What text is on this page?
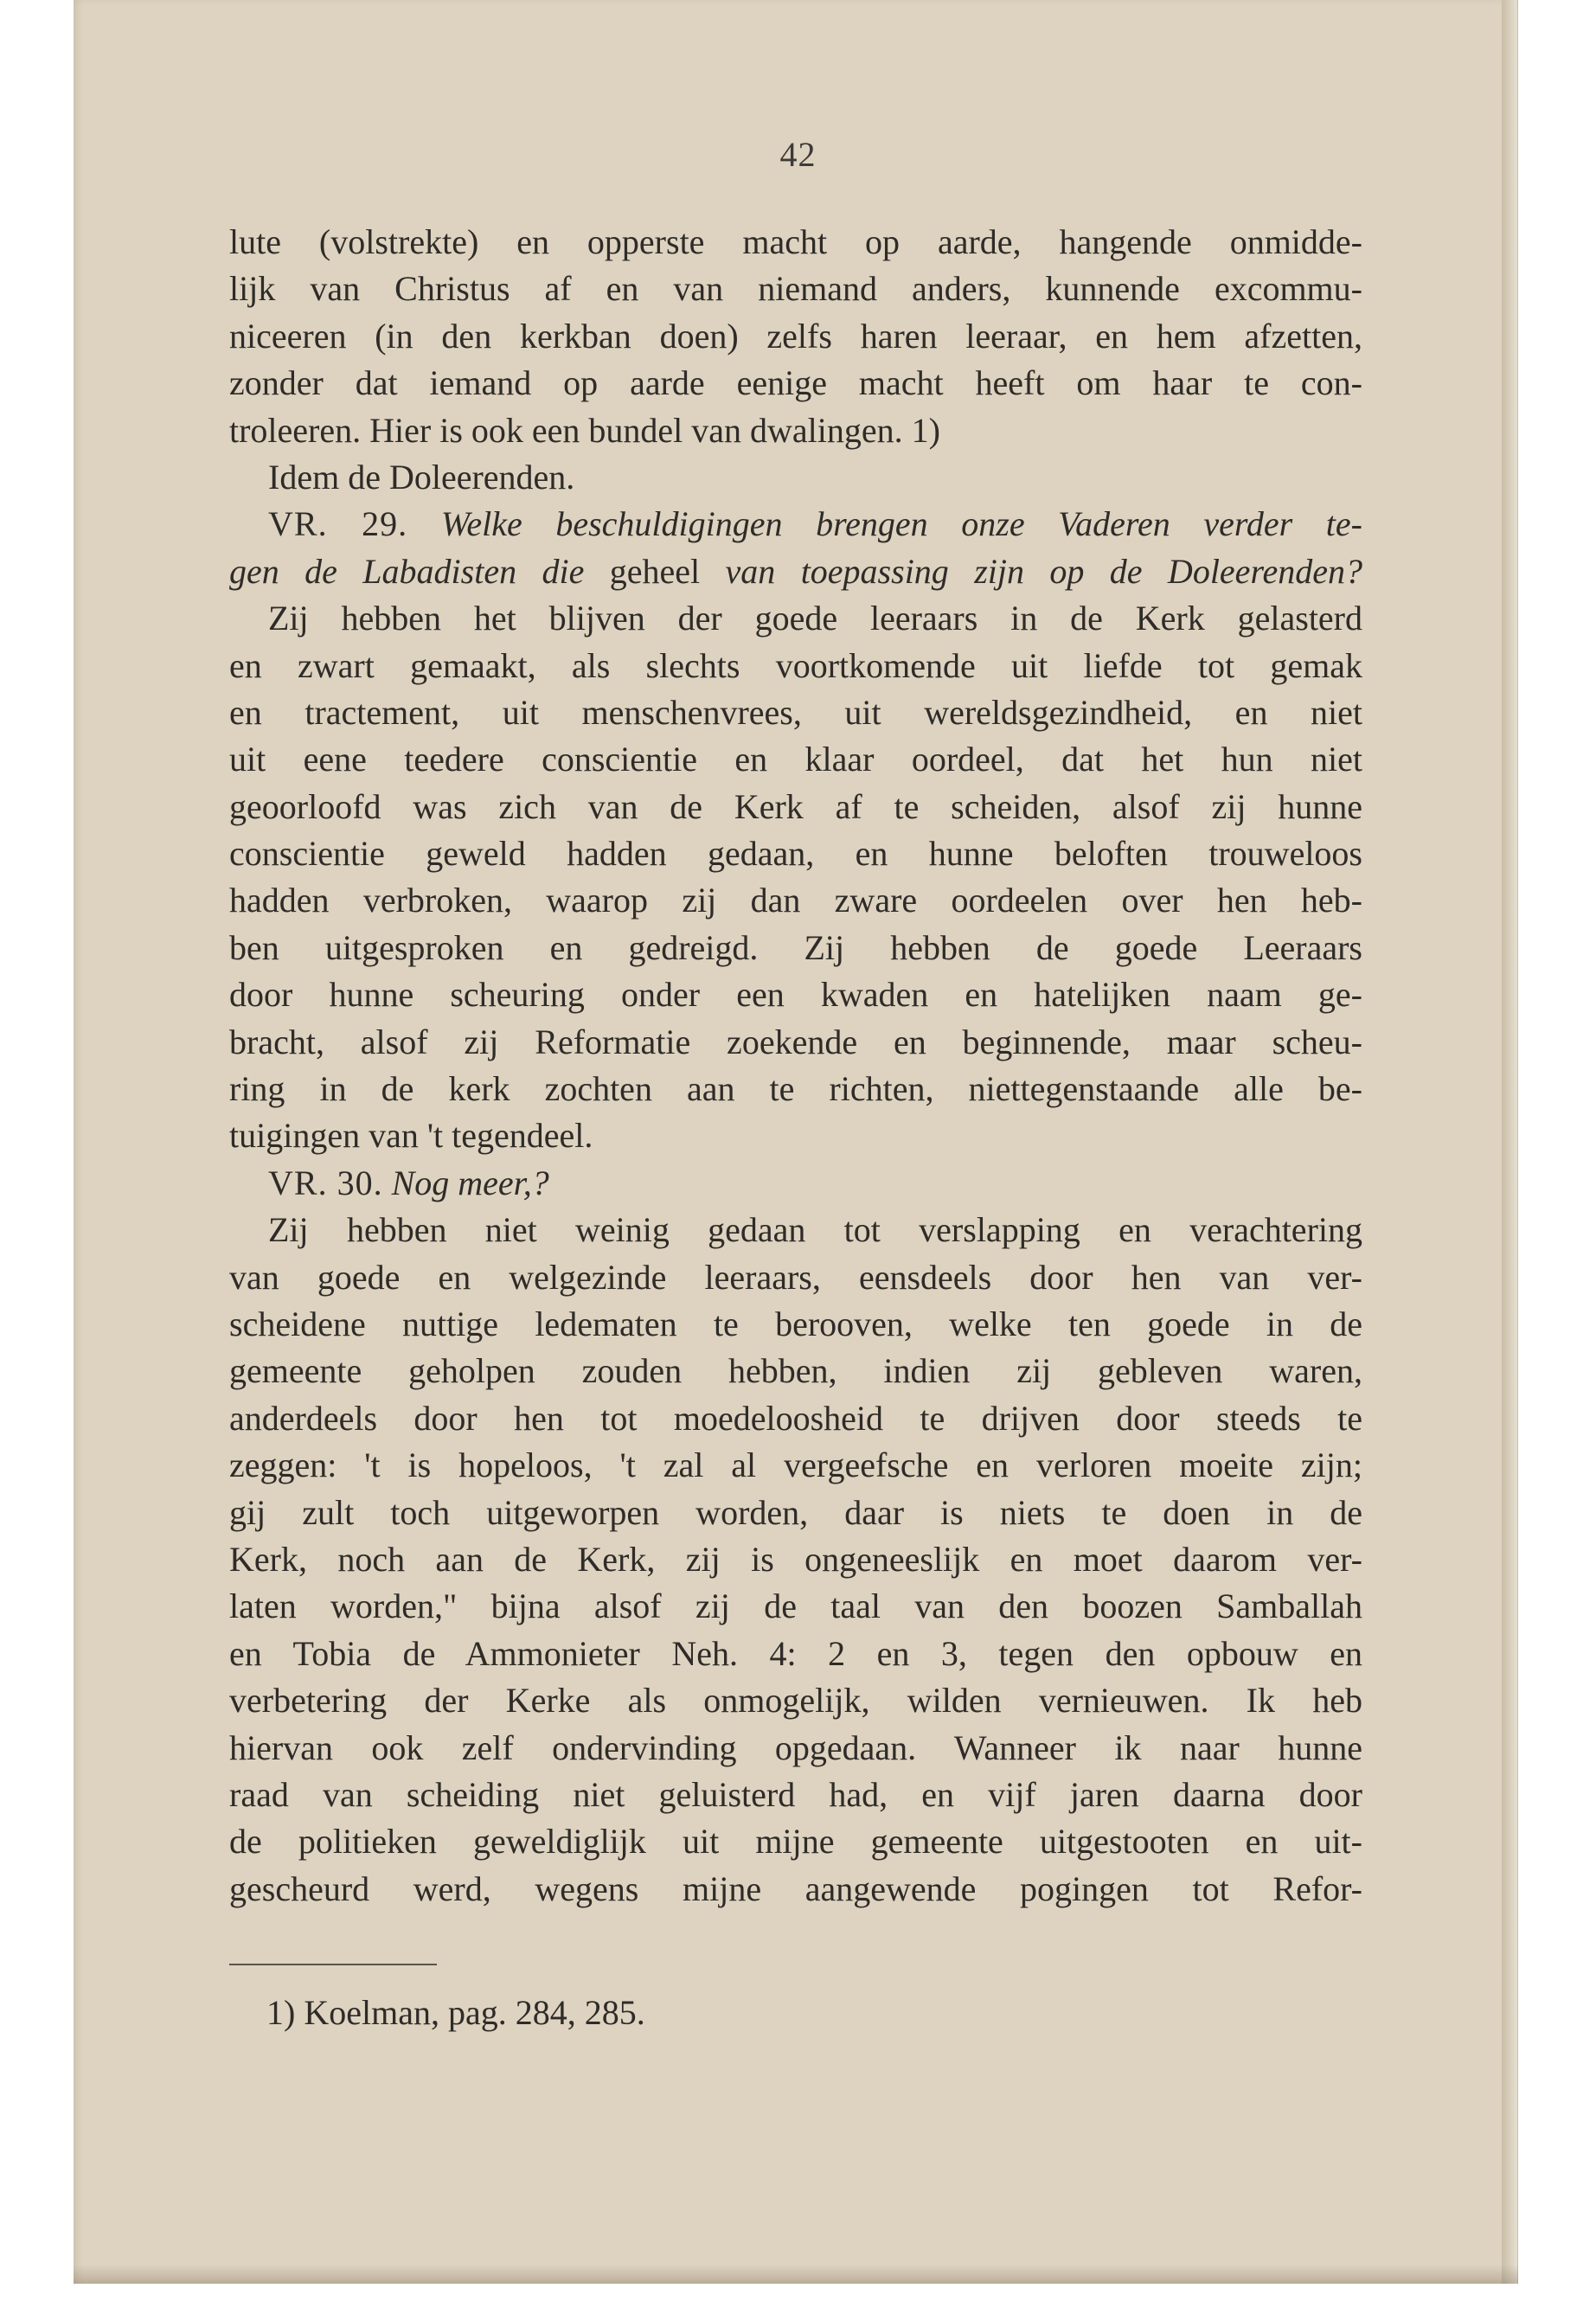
42
lute (volstrekte) en opperste macht op aarde, hangende onmidde-
lijk van Christus af en van niemand anders, kunnende excommu-
niceeren (in den kerkban doen) zelfs haren leeraar, en hem afzetten,
zonder dat iemand op aarde eenige macht heeft om haar te con-
troleeren. Hier is ook een bundel van dwalingen. 1)
Idem de Doleerenden.
VR. 29. Welke beschuldigingen brengen onze Vaderen verder te-
gen de Labadisten die geheel van toepassing zijn op de Doleerenden?
Zij hebben het blijven der goede leeraars in de Kerk gelasterd
en zwart gemaakt, als slechts voortkomende uit liefde tot gemak
en tractement, uit menschenvrees, uit wereldsgezindheid, en niet
uit eene teedere conscientie en klaar oordeel, dat het hun niet
geoorloofd was zich van de Kerk af te scheiden, alsof zij hunne
conscientie geweld hadden gedaan, en hunne beloften trouweloos
hadden verbroken, waarop zij dan zware oordeelen over hen heb-
ben uitgesproken en gedreigd. Zij hebben de goede Leeraars
door hunne scheuring onder een kwaden en hatelijken naam ge-
bracht, alsof zij Reformatie zoekende en beginnende, maar scheu-
ring in de kerk zochten aan te richten, niettegenstaande alle be-
tuigingen van 't tegendeel.
VR. 30. Nog meer,?
Zij hebben niet weinig gedaan tot verslapping en verachtering
van goede en welgezinde leeraars, eensdeels door hen van ver-
scheidene nuttige ledematen te berooven, welke ten goede in de
gemeente geholpen zouden hebben, indien zij gebleven waren,
anderdeels door hen tot moedeloosheid te drijven door steeds te
zeggen: 't is hopeloos, 't zal al vergeefsche en verloren moeite zijn;
gij zult toch uitgeworpen worden, daar is niets te doen in de
Kerk, noch aan de Kerk, zij is ongeneeslijk en moet daarom ver-
laten worden," bijna alsof zij de taal van den boozen Samballah
en Tobia de Ammonieter Neh. 4: 2 en 3, tegen den opbouw en
verbetering der Kerke als onmogelijk, wilden vernieuwen. Ik heb
hiervan ook zelf ondervinding opgedaan. Wanneer ik naar hunne
raad van scheiding niet geluisterd had, en vijf jaren daarna door
de politieken geweldiglijk uit mijne gemeente uitgestooten en uit-
gescheurd werd, wegens mijne aangewende pogingen tot Refor-
1) Koelman, pag. 284, 285.
